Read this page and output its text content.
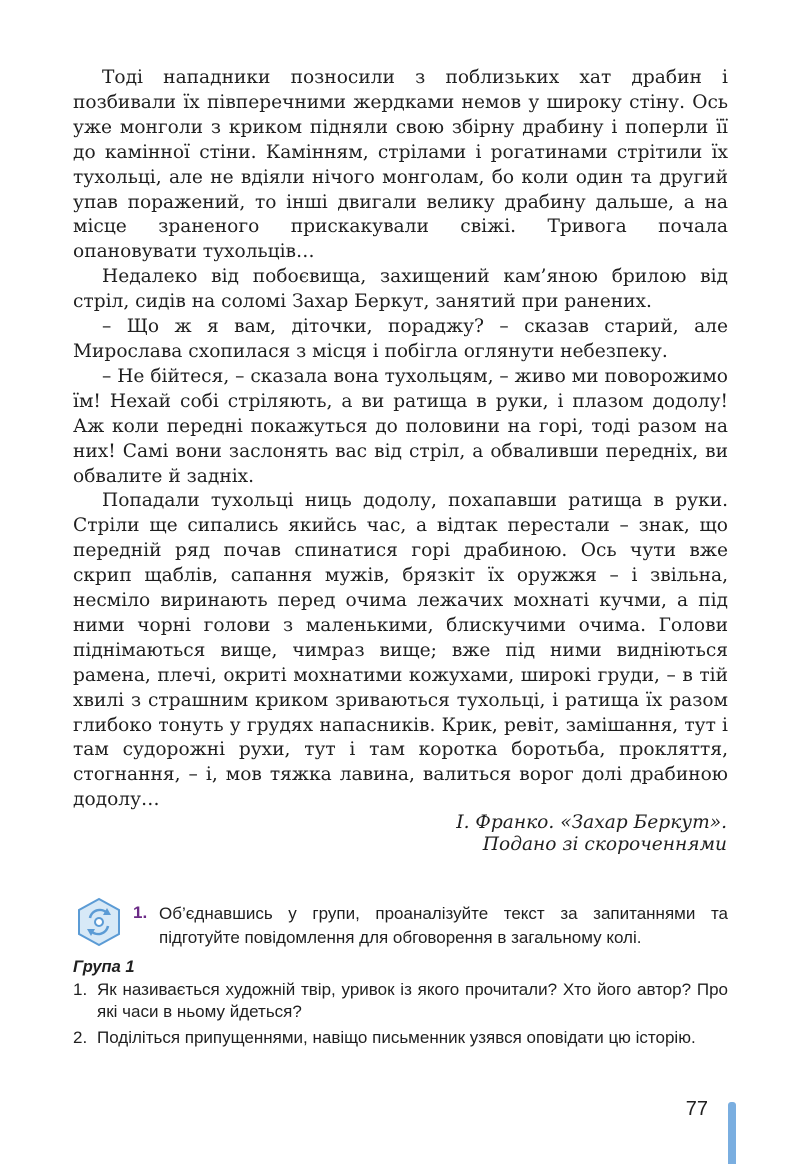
Тоді нападники позносили з поблизьких хат драбин і позбивали їх півперечними жердками немов у широку стіну. Ось уже монголи з криком підняли свою збірну драбину і поперли її до камінної стіни. Камінням, стрілами і рогатинами стрітили їх тухольці, але не вдіяли нічого монголам, бо коли один та другий упав поражений, то інші двигали велику драбину дальше, а на місце зраненого прискакували свіжі. Тривога почала опановувати тухольців…

Недалеко від побоєвища, захищений кам’яною брилою від стріл, сидів на соломі Захар Беркут, занятий при ранених.

– Що ж я вам, діточки, пораджу? – сказав старий, але Мирослава схопилася з місця і побігла оглянути небезпеку.

– Не бійтеся, – сказала вона тухольцям, – живо ми поворожимо їм! Нехай собі стріляють, а ви ратища в руки, і плазом додолу! Аж коли передні покажуться до половини на горі, тоді разом на них! Самі вони заслонять вас від стріл, а обваливши передніх, ви обвалите й задніх.

Попадали тухольці ниць додолу, похапавши ратища в руки. Стріли ще сипались якийсь час, а відтак перестали – знак, що передній ряд почав спинатися горі драбиною. Ось чути вже скрип щаблів, сапання мужів, брязкіт їх оружжя – і звільна, несміло виринають перед очима лежачих мохнаті кучми, а під ними чорні голови з маленькими, блискучими очима. Голови піднімаються вище, чимраз вище; вже під ними видніються рамена, плечі, окриті мохнатими кожухами, широкі груди, – в тій хвилі з страшним криком зриваються тухольці, і ратища їх разом глибоко тонуть у грудях напасників. Крик, ревіт, замішання, тут і там судорожні рухи, тут і там коротка боротьба, прокляття, стогнання, – і, мов тяжка лавина, валиться ворог долі драбиною додолу…

І. Франко. «Захар Беркут».
Подано зі скороченнями
1. Об’єднавшись у групи, проаналізуйте текст за запитаннями та підготуйте повідомлення для обговорення в загальному колі.
Група 1
1. Як називається художній твір, уривок із якого прочитали? Хто його автор? Про які часи в ньому йдеться?
2. Поділіться припущеннями, навіщо письменник узявся оповідати цю історію.
77
